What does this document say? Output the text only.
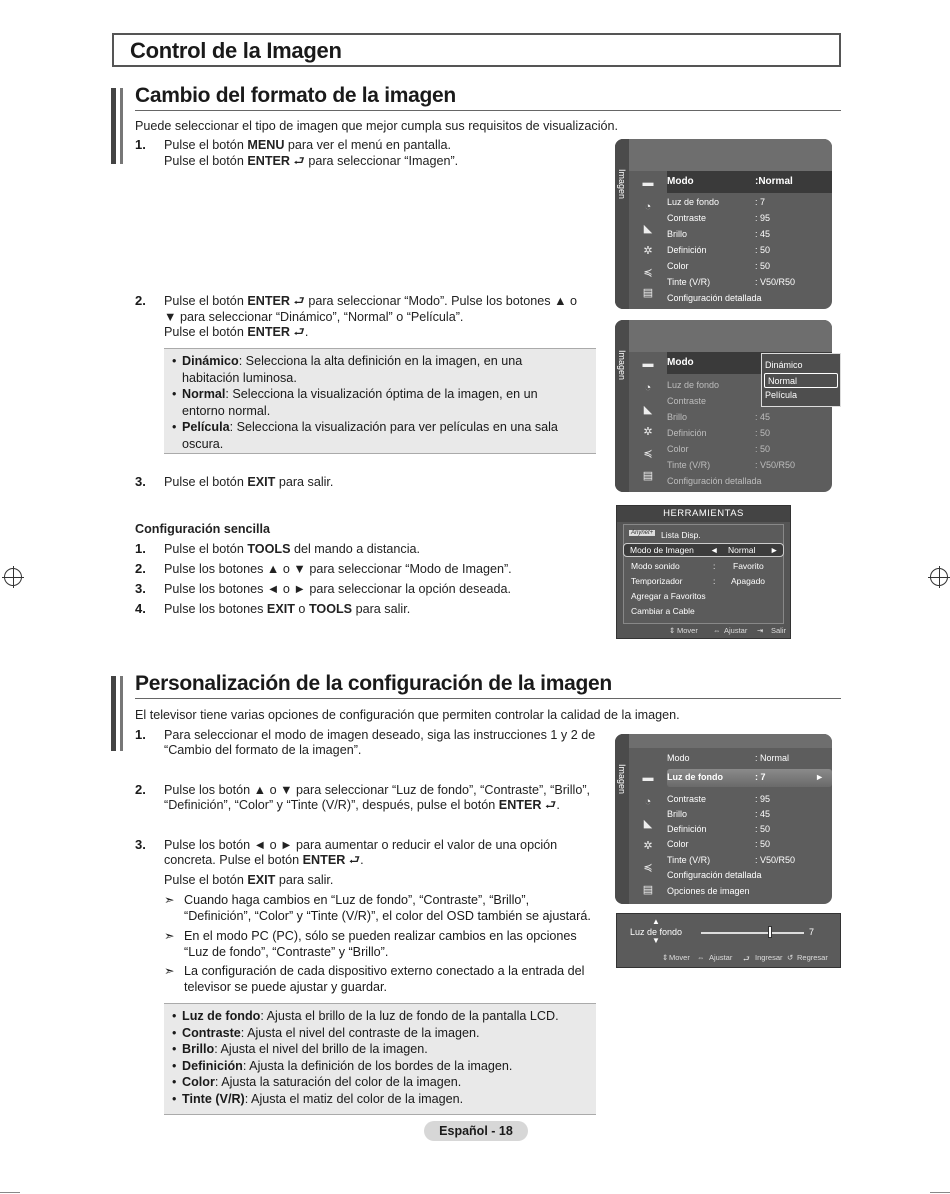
Control de la Imagen
Cambio del formato de la imagen
Puede seleccionar el tipo de imagen que mejor cumpla sus requisitos de visualización.
1. Pulse el botón MENU para ver el menú en pantalla.
Pulse el botón ENTER ⮐ para seleccionar “Imagen”.
2. Pulse el botón ENTER ⮐ para seleccionar “Modo”. Pulse los botones ▲ o
▼ para seleccionar “Dinámico”, “Normal” o “Película”.
Pulse el botón ENTER ⮐.
• Dinámico: Selecciona la alta definición en la imagen, en una
habitación luminosa.
• Normal: Selecciona la visualización óptima de la imagen, en un
entorno normal.
• Película: Selecciona la visualización para ver películas en una sala
oscura.
3. Pulse el botón EXIT para salir.
Configuración sencilla
1. Pulse el botón TOOLS del mando a distancia.
2. Pulse los botones ▲ o ▼ para seleccionar “Modo de Imagen”.
3. Pulse los botones ◄ o ► para seleccionar la opción deseada.
4. Pulse los botones EXIT o TOOLS para salir.
Imagen ▬
◔
◣
✲
≼
▤
Modo	:Normal
Luz de fondo	: 7
Contraste	: 95
Brillo	: 45
Definición	: 50
Color	: 50
Tinte (V/R)	: V50/R50
Configuración detallada
Imagen ▬
◔
◣
✲
≼
▤
Modo
Luz de fondo
Contraste
Brillo	: 45
Definición	: 50
Color	: 50
Tinte (V/R)	: V50/R50
Configuración detallada
Dinámico
Normal
Película
HERRAMIENTAS
Anynet+ Lista Disp.
Modo de Imagen ◄ Normal ►
Modo sonido	: Favorito
Temporizador	: Apagado
Agregar a Favoritos
Cambiar a Cable
⇕ Mover ⇔ Ajustar ⇥ Salir
Personalización de la configuración de la imagen
El televisor tiene varias opciones de configuración que permiten controlar la calidad de la imagen.
1. Para seleccionar el modo de imagen deseado, siga las instrucciones 1 y 2 de
“Cambio del formato de la imagen”.
2. Pulse los botón ▲ o ▼ para seleccionar “Luz de fondo”, “Contraste”, “Brillo”,
“Definición”, “Color” y “Tinte (V/R)”, después, pulse el botón ENTER ⮐.
3. Pulse los botón ◄ o ► para aumentar o reducir el valor de una opción
concreta. Pulse el botón ENTER ⮐.
Pulse el botón EXIT para salir.
➣ Cuando haga cambios en “Luz de fondo”, “Contraste”, “Brillo”,
“Definición”, “Color” y “Tinte (V/R)”, el color del OSD también se ajustará.
➣ En el modo PC (PC), sólo se pueden realizar cambios en las opciones
“Luz de fondo”, “Contraste” y “Brillo”.
➣ La configuración de cada dispositivo externo conectado a la entrada del
televisor se puede ajustar y guardar.
• Luz de fondo: Ajusta el brillo de la luz de fondo de la pantalla LCD.
• Contraste: Ajusta el nivel del contraste de la imagen.
• Brillo: Ajusta el nivel del brillo de la imagen.
• Definición: Ajusta la definición de los bordes de la imagen.
• Color: Ajusta la saturación del color de la imagen.
• Tinte (V/R): Ajusta el matiz del color de la imagen.
Imagen ▬
◔
◣
✲
≼
▤
Modo	: Normal
Luz de fondo	: 7	►
Contraste	: 95
Brillo	: 45
Definición	: 50
Color	: 50
Tinte (V/R)	: V50/R50
Configuración detallada
Opciones de imagen
▲
Luz de fondo
▼
7
⇕ Mover ⇔ Ajustar ⮐ Ingresar ↺ Regresar
Español - 18
